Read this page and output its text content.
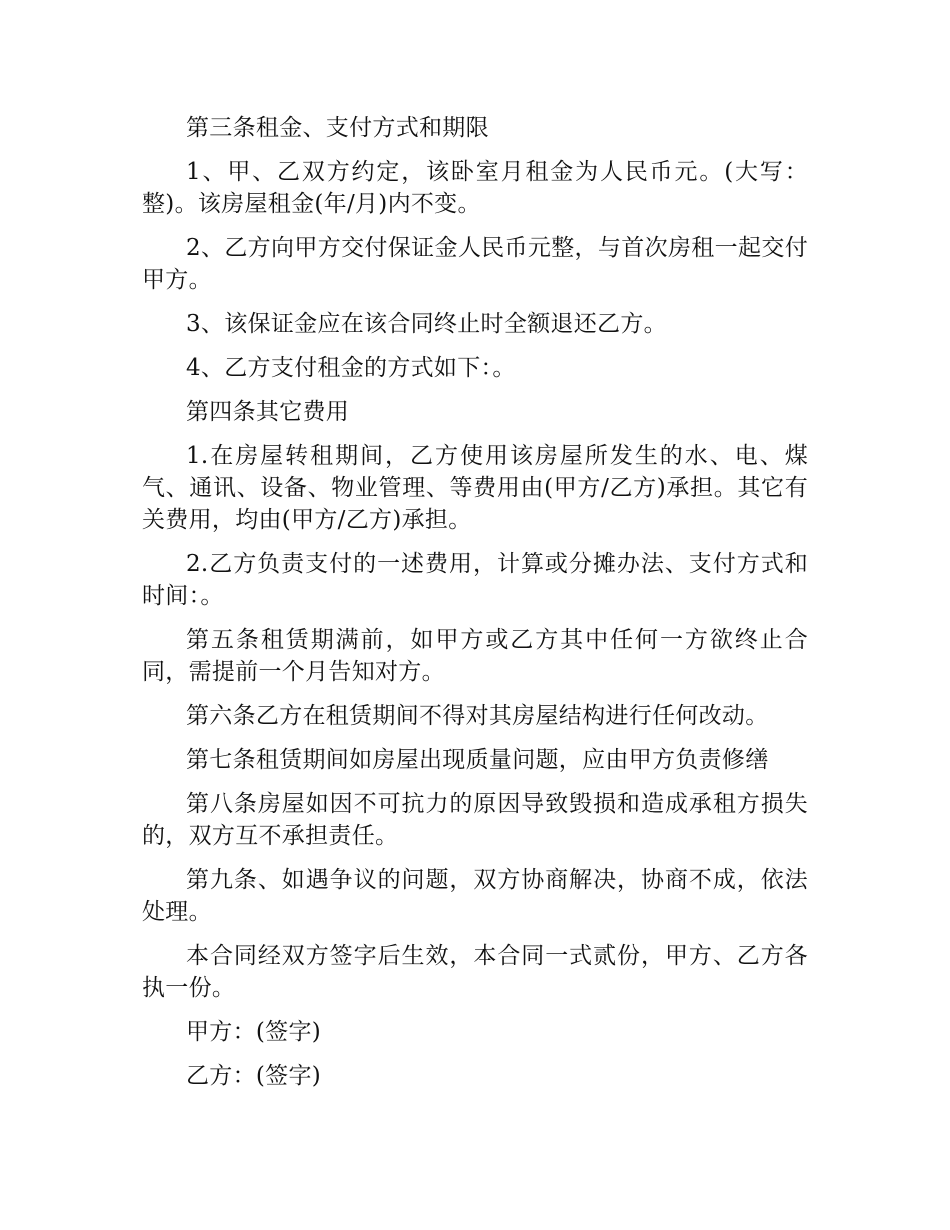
第三条租金、支付方式和期限

1、甲、乙双方约定，该卧室月租金为人民币元。(大写：整)。该房屋租金(年/月)内不变。

2、乙方向甲方交付保证金人民币元整，与首次房租一起交付甲方。

3、该保证金应在该合同终止时全额退还乙方。

4、乙方支付租金的方式如下：。

第四条其它费用

1.在房屋转租期间，乙方使用该房屋所发生的水、电、煤气、通讯、设备、物业管理、等费用由(甲方/乙方)承担。其它有关费用，均由(甲方/乙方)承担。

2.乙方负责支付的一述费用，计算或分摊办法、支付方式和时间：。

第五条租赁期满前，如甲方或乙方其中任何一方欲终止合同，需提前一个月告知对方。

第六条乙方在租赁期间不得对其房屋结构进行任何改动。

第七条租赁期间如房屋出现质量问题，应由甲方负责修缮

第八条房屋如因不可抗力的原因导致毁损和造成承租方损失的，双方互不承担责任。

第九条、如遇争议的问题，双方协商解决，协商不成，依法处理。

本合同经双方签字后生效，本合同一式贰份，甲方、乙方各执一份。

甲方：(签字)

乙方：(签字)
